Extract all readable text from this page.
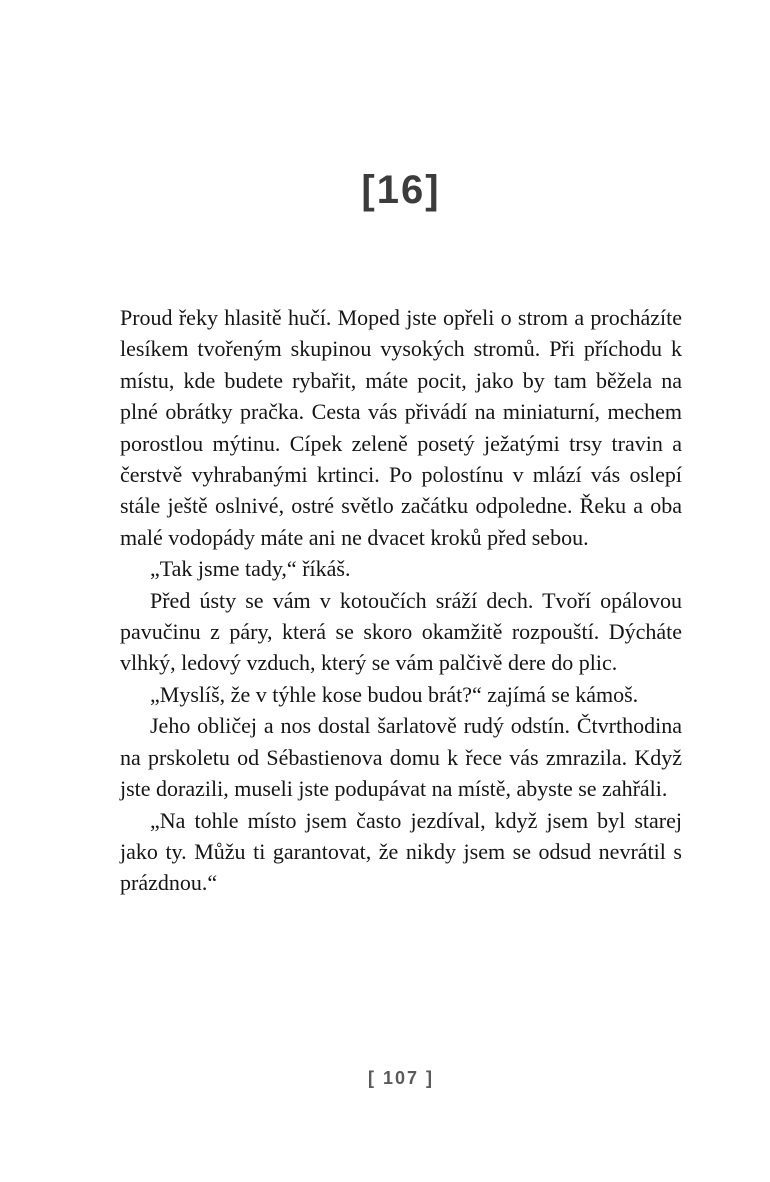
[16]

Proud řeky hlasitě hučí. Moped jste opřeli o strom a procházíte lesíkem tvořeným skupinou vysokých stromů. Při příchodu k místu, kde budete rybařit, máte pocit, jako by tam běžela na plné obrátky pračka. Cesta vás přivádí na miniaturní, mechem porostlou mýtinu. Cípek zeleně posetý ježatými trsy travin a čerstvě vyhrabanými krtinci. Po polostínu v mlází vás oslepí stále ještě oslnivé, ostré světlo začátku odpoledne. Řeku a oba malé vodopády máte ani ne dvacet kroků před sebou.

„Tak jsme tady,“ říkáš.

Před ústy se vám v kotoučích sráží dech. Tvoří opálovou pavučinu z páry, která se skoro okamžitě rozpouští. Dýcháte vlhký, ledový vzduch, který se vám palčivě dere do plic.

„Myslíš, že v týhle kose budou brát?“ zajímá se kámoš.

Jeho obličej a nos dostal šarlatově rudý odstín. Čtvrthodina na prskoletu od Sébastienova domu k řece vás zmrazila. Když jste dorazili, museli jste podupávat na místě, abyste se zahřáli.

„Na tohle místo jsem často jezdíval, když jsem byl starej jako ty. Můžu ti garantovat, že nikdy jsem se odsud nevrátil s prázdnou.“

[ 107 ]
